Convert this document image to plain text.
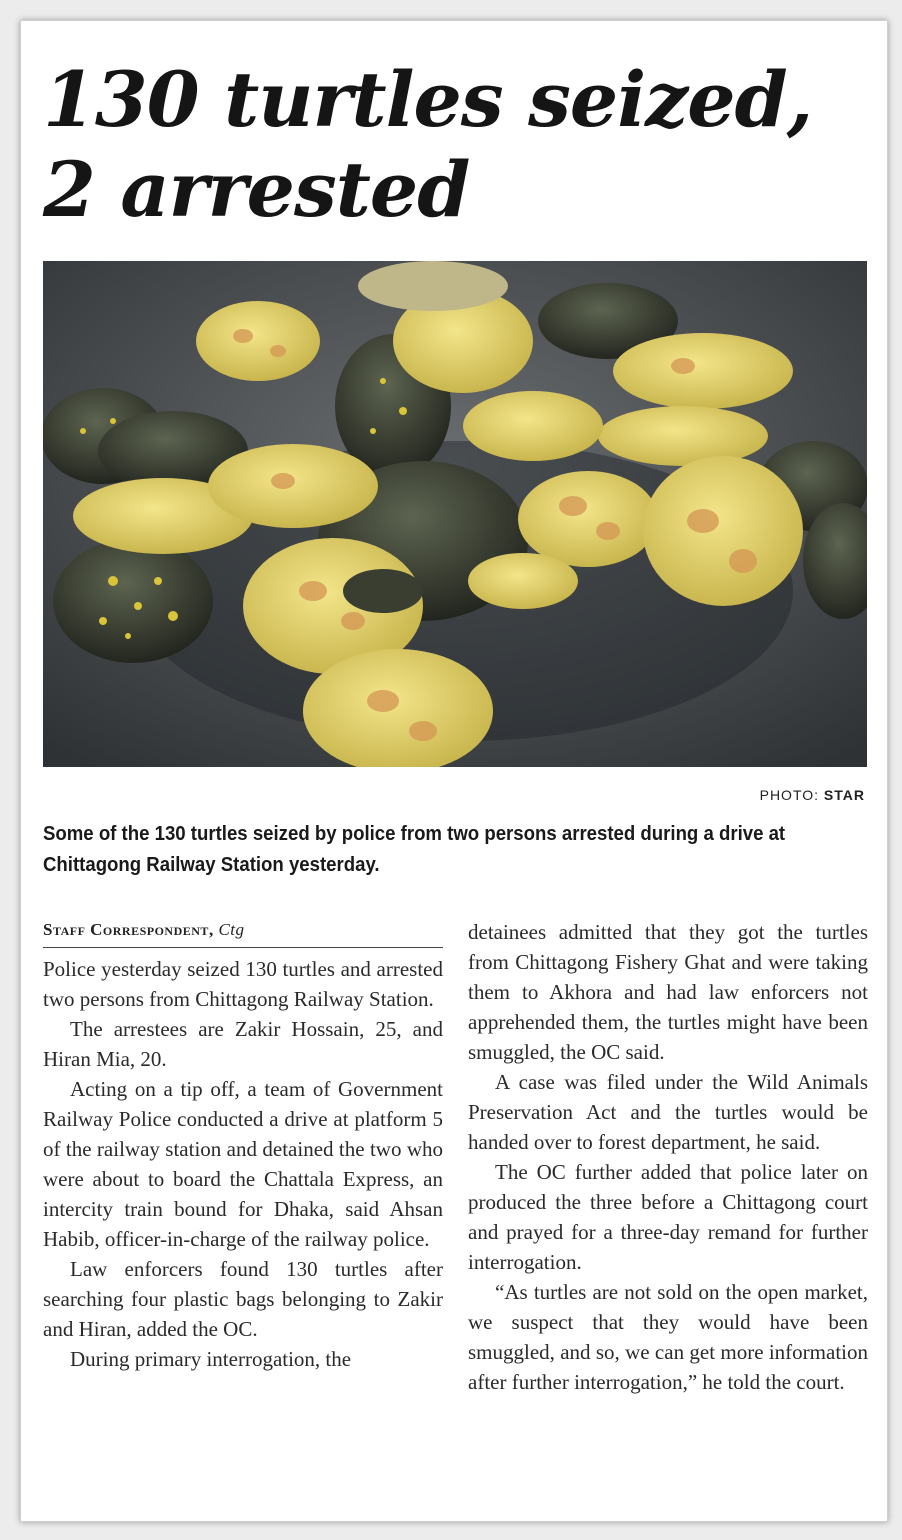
130 turtles seized, 2 arrested
PHOTO: STAR

Some of the 130 turtles seized by police from two persons arrested during a drive at Chittagong Railway Station yesterday.

Staff Correspondent, Ctg

Police yesterday seized 130 turtles and arrested two persons from Chittagong Railway Station.

The arrestees are Zakir Hossain, 25, and Hiran Mia, 20.

Acting on a tip off, a team of Government Railway Police conducted a drive at platform 5 of the railway station and detained the two who were about to board the Chattala Express, an intercity train bound for Dhaka, said Ahsan Habib, officer-in-charge of the railway police.

Law enforcers found 130 turtles after searching four plastic bags belonging to Zakir and Hiran, added the OC.

During primary interrogation, the

detainees admitted that they got the turtles from Chittagong Fishery Ghat and were taking them to Akhora and had law enforcers not apprehended them, the turtles might have been smuggled, the OC said.

A case was filed under the Wild Animals Preservation Act and the turtles would be handed over to forest department, he said.

The OC further added that police later on produced the three before a Chittagong court and prayed for a three-day remand for further interrogation.

“As turtles are not sold on the open market, we suspect that they would have been smuggled, and so, we can get more information after further interrogation,” he told the court.
